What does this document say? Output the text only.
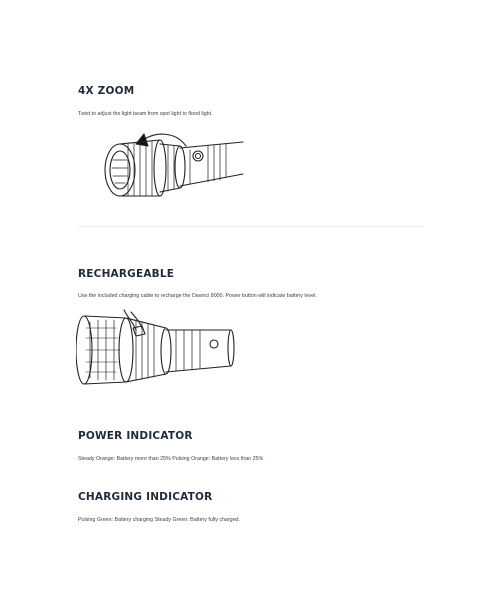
4X ZOOM

Twist to adjust the light beam from spot light to flood light.

RECHARGEABLE

Use the included charging cable to recharge the Davinci 8000. Power button will indicate battery level.

POWER INDICATOR

Steady Orange: Battery more than 25% Pulsing Orange: Battery less than 25%

CHARGING INDICATOR

Pulsing Green: Battery charging Steady Green: Battery fully charged.
